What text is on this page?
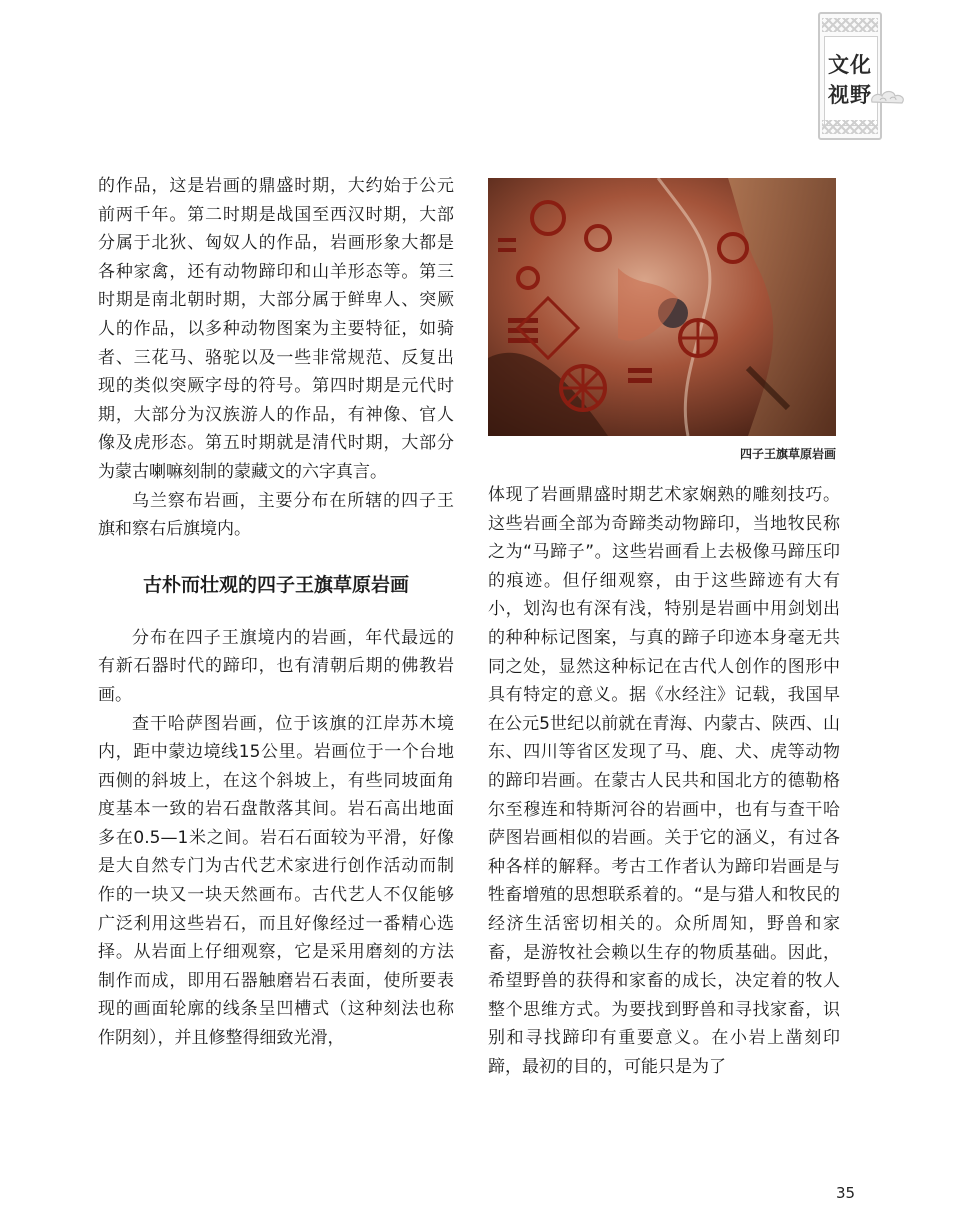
文化
视野

的作品，这是岩画的鼎盛时期，大约始于公元前两千年。第二时期是战国至西汉时期，大部分属于北狄、匈奴人的作品，岩画形象大都是各种家禽，还有动物蹄印和山羊形态等。第三时期是南北朝时期，大部分属于鲜卑人、突厥人的作品，以多种动物图案为主要特征，如骑者、三花马、骆驼以及一些非常规范、反复出现的类似突厥字母的符号。第四时期是元代时期，大部分为汉族游人的作品，有神像、官人像及虎形态。第五时期就是清代时期，大部分为蒙古喇嘛刻制的蒙藏文的六字真言。

乌兰察布岩画，主要分布在所辖的四子王旗和察右后旗境内。

古朴而壮观的四子王旗草原岩画

分布在四子王旗境内的岩画，年代最远的有新石器时代的蹄印，也有清朝后期的佛教岩画。

查干哈萨图岩画，位于该旗的江岸苏木境内，距中蒙边境线15公里。岩画位于一个台地西侧的斜坡上，在这个斜坡上，有些同坡面角度基本一致的岩石盘散落其间。岩石高出地面多在0.5—1米之间。岩石石面较为平滑，好像是大自然专门为古代艺术家进行创作活动而制作的一块又一块天然画布。古代艺人不仅能够广泛利用这些岩石，而且好像经过一番精心选择。从岩面上仔细观察，它是采用磨刻的方法制作而成，即用石器触磨岩石表面，使所要表现的画面轮廓的线条呈凹槽式（这种刻法也称作阴刻），并且修整得细致光滑，

四子王旗草原岩画

体现了岩画鼎盛时期艺术家娴熟的雕刻技巧。这些岩画全部为奇蹄类动物蹄印，当地牧民称之为“马蹄子”。这些岩画看上去极像马蹄压印的痕迹。但仔细观察，由于这些蹄迹有大有小，划沟也有深有浅，特别是岩画中用剑划出的种种标记图案，与真的蹄子印迹本身毫无共同之处，显然这种标记在古代人创作的图形中具有特定的意义。据《水经注》记载，我国早在公元5世纪以前就在青海、内蒙古、陕西、山东、四川等省区发现了马、鹿、犬、虎等动物的蹄印岩画。在蒙古人民共和国北方的德勒格尔至穆连和特斯河谷的岩画中，也有与查干哈萨图岩画相似的岩画。关于它的涵义，有过各种各样的解释。考古工作者认为蹄印岩画是与牲畜增殖的思想联系着的。“是与猎人和牧民的经济生活密切相关的。众所周知，野兽和家畜，是游牧社会赖以生存的物质基础。因此，希望野兽的获得和家畜的成长，决定着的牧人整个思维方式。为要找到野兽和寻找家畜，识别和寻找蹄印有重要意义。在小岩上凿刻印蹄，最初的目的，可能只是为了

35
